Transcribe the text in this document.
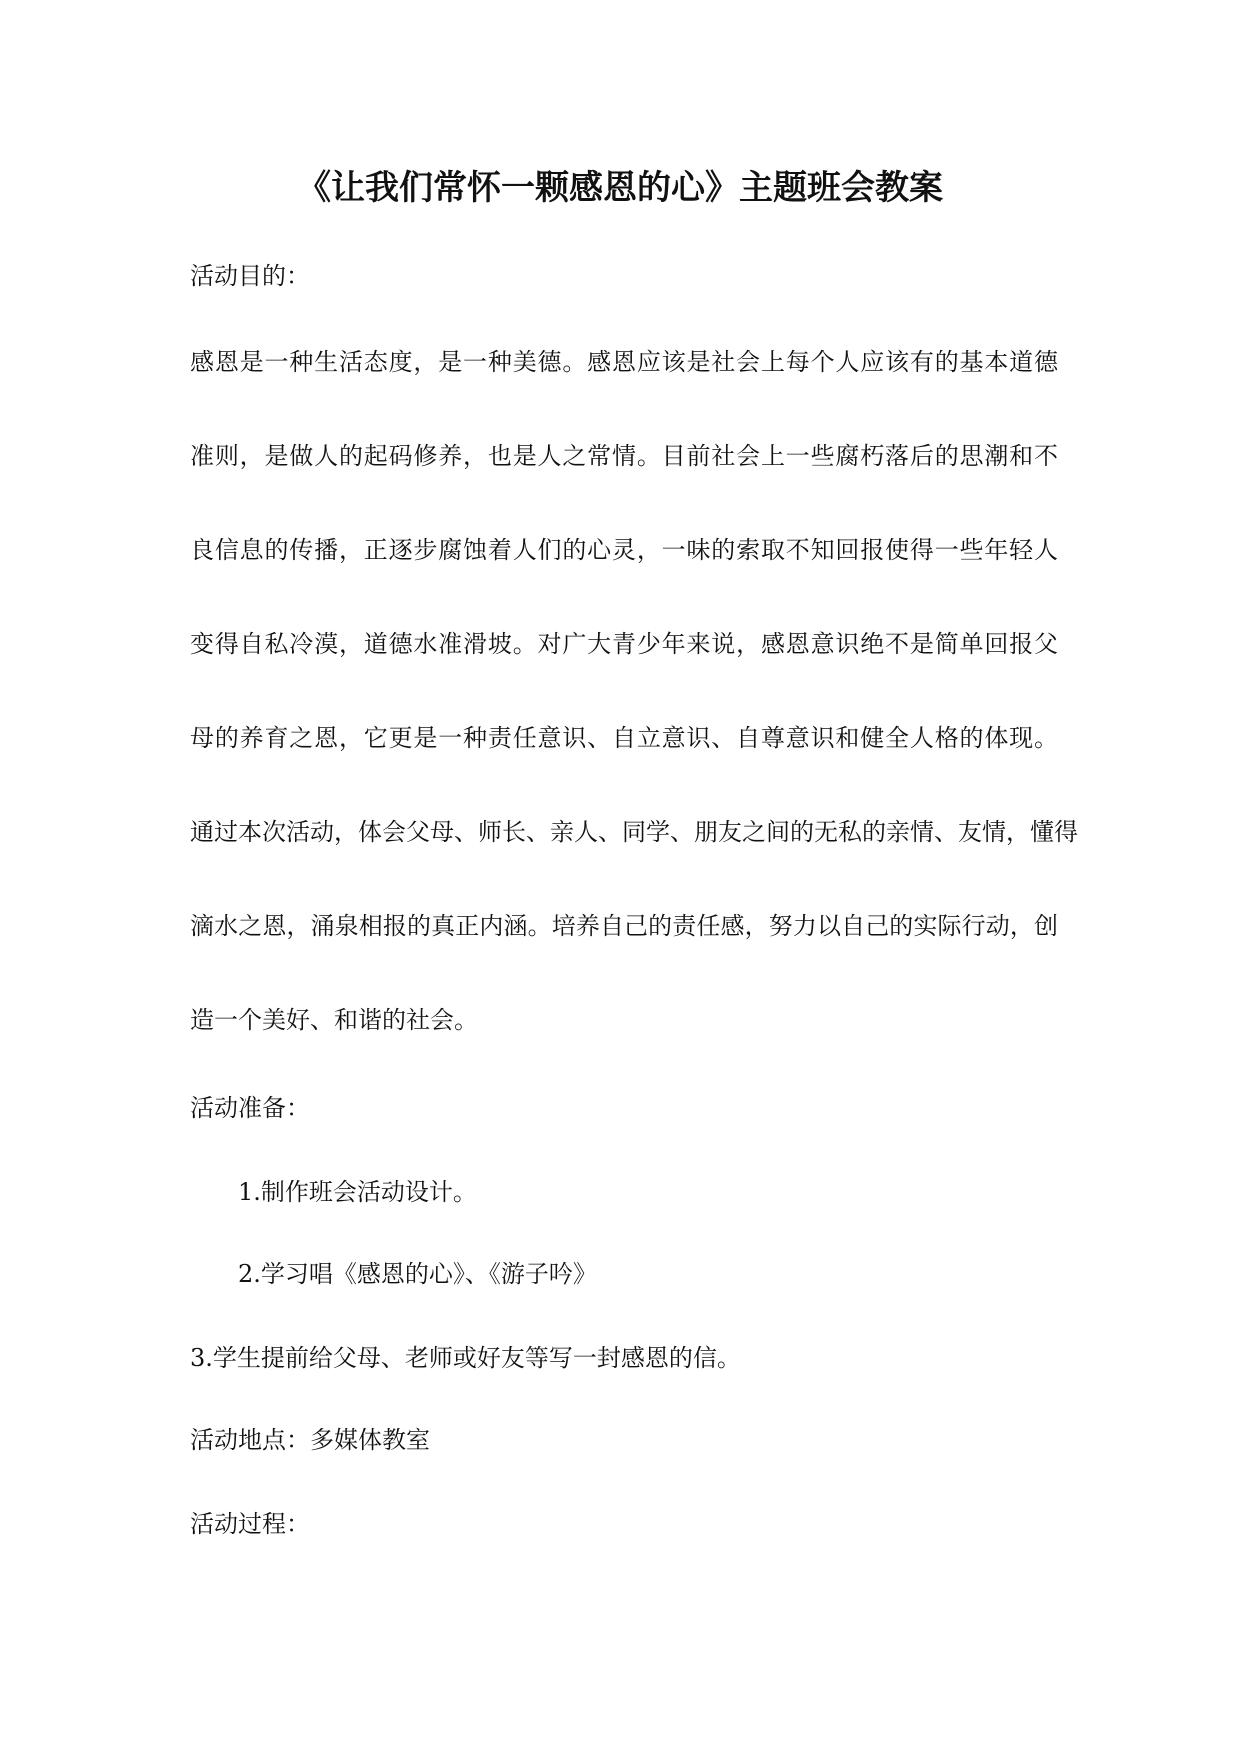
《让我们常怀一颗感恩的心》主题班会教案
活动目的：
感恩是一种生活态度，是一种美德。感恩应该是社会上每个人应该有的基本道德
准则，是做人的起码修养，也是人之常情。目前社会上一些腐朽落后的思潮和不
良信息的传播，正逐步腐蚀着人们的心灵，一味的索取不知回报使得一些年轻人
变得自私冷漠，道德水准滑坡。对广大青少年来说，感恩意识绝不是简单回报父
母的养育之恩，它更是一种责任意识、自立意识、自尊意识和健全人格的体现。
通过本次活动，体会父母、师长、亲人、同学、朋友之间的无私的亲情、友情，懂得
滴水之恩，涌泉相报的真正内涵。培养自己的责任感，努力以自己的实际行动，创
造一个美好、和谐的社会。
活动准备：
1.制作班会活动设计。
2.学习唱《感恩的心》、《游子吟》
3.学生提前给父母、老师或好友等写一封感恩的信。
活动地点：多媒体教室
活动过程：
